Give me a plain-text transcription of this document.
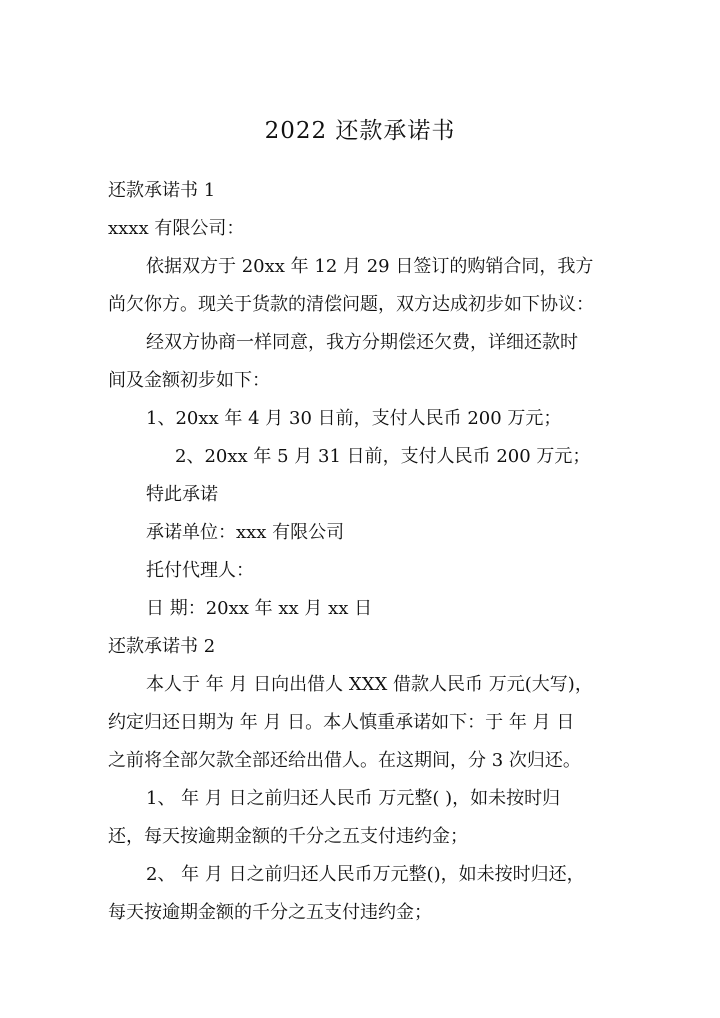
2022 还款承诺书
还款承诺书 1
xxxx 有限公司：
依据双方于 20xx 年 12 月 29 日签订的购销合同，我方
尚欠你方。现关于货款的清偿问题，双方达成初步如下协议：
经双方协商一样同意，我方分期偿还欠费，详细还款时
间及金额初步如下：
1、20xx 年 4 月 30 日前，支付人民币 200 万元；
2、20xx 年 5 月 31 日前，支付人民币 200 万元；
特此承诺
承诺单位：xxx 有限公司
托付代理人：
日 期：20xx 年 xx 月 xx 日
还款承诺书 2
本人于 年 月 日向出借人 XXX 借款人民币 万元(大写)，
约定归还日期为 年 月 日。本人慎重承诺如下：于 年 月 日
之前将全部欠款全部还给出借人。在这期间，分 3 次归还。
1、 年 月 日之前归还人民币 万元整( )，如未按时归
还，每天按逾期金额的千分之五支付违约金；
2、 年 月 日之前归还人民币万元整()，如未按时归还，
每天按逾期金额的千分之五支付违约金；
